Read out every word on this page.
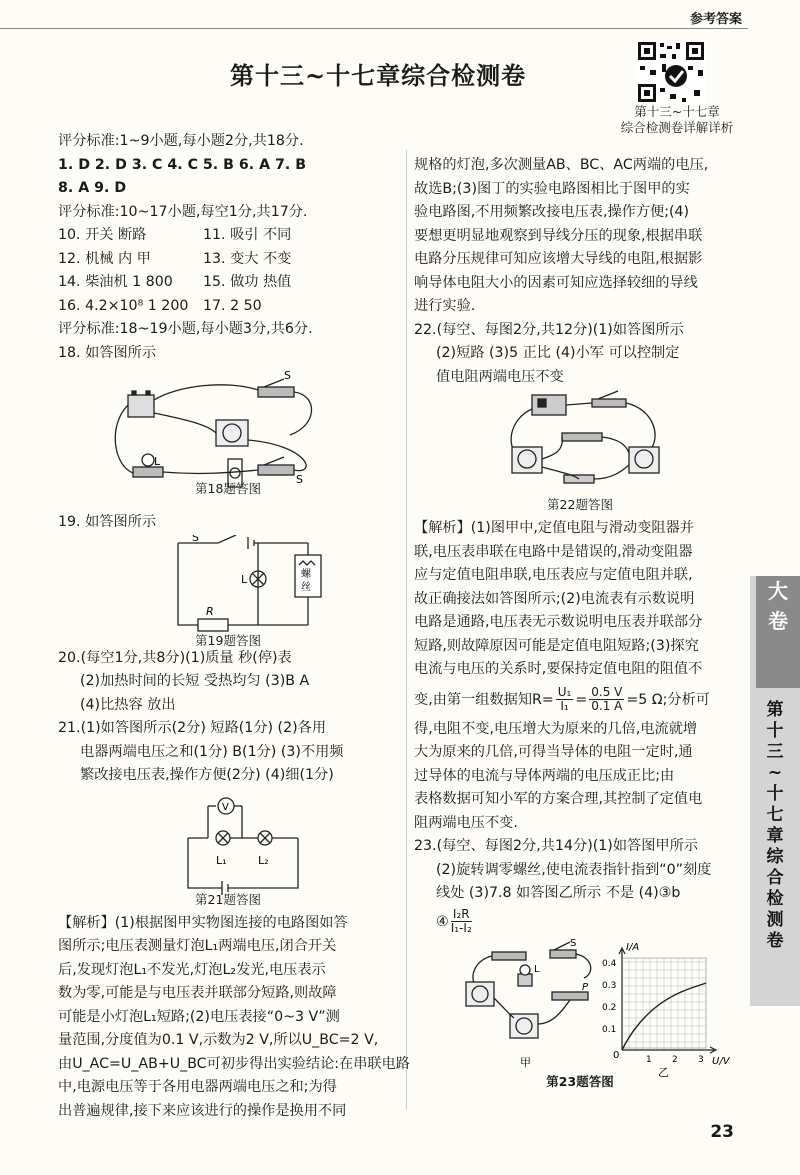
参考答案
第十三~十七章综合检测卷
第十三~十七章
综合检测卷详解详析
评分标准:1~9小题,每小题2分,共18分.
1. D 2. D 3. C 4. C 5. B 6. A 7. B
8. A 9. D
评分标准:10~17小题,每空1分,共17分.
10. 开关 断路	11. 吸引 不同
12. 机械 内 甲	13. 变大 不变
14. 柴油机 1 800 15. 做功 热值
16. 4.2×10⁸ 1 200 17. 2 50
评分标准:18~19小题,每小题3分,共6分.
18. 如答图所示
S
L
S
第18题答图
19. 如答图所示
S
L
R
螺
丝
第19题答图
20.(每空1分,共8分)(1)质量 秒(停)表
(2)加热时间的长短 受热均匀 (3)B A
(4)比热容 放出
21.(1)如答图所示(2分) 短路(1分) (2)各用
电器两端电压之和(1分) B(1分) (3)不用频
繁改接电压表,操作方便(2分) (4)细(1分)
V
L₁	L₂
第21题答图
【解析】(1)根据图甲实物图连接的电路图如答
图所示;电压表测量灯泡L₁两端电压,闭合开关
后,发现灯泡L₁不发光,灯泡L₂发光,电压表示
数为零,可能是与电压表并联部分短路,则故障
可能是小灯泡L₁短路;(2)电压表接“0~3 V”测
量范围,分度值为0.1 V,示数为2 V,所以U_BC=2 V,
由U_AC=U_AB+U_BC可初步得出实验结论:在串联电路
中,电源电压等于各用电器两端电压之和;为得
出普遍规律,接下来应该进行的操作是换用不同
规格的灯泡,多次测量AB、BC、AC两端的电压,
故选B;(3)图丁的实验电路图相比于图甲的实
验电路图,不用频繁改接电压表,操作方便;(4)
要想更明显地观察到导线分压的现象,根据串联
电路分压规律可知应该增大导线的电阻,根据影
响导体电阻大小的因素可知应选择较细的导线
进行实验.
22.(每空、每图2分,共12分)(1)如答图所示
(2)短路 (3)5 正比 (4)小军 可以控制定
值电阻两端电压不变
第22题答图
【解析】(1)图甲中,定值电阻与滑动变阻器并
联,电压表串联在电路中是错误的,滑动变阻器
应与定值电阻串联,电压表应与定值电阻并联,
故正确接法如答图所示;(2)电流表有示数说明
电路是通路,电压表无示数说明电压表并联部分
短路,则故障原因可能是定值电阻短路;(3)探究
电流与电压的关系时,要保持定值电阻的阻值不
变,由第一组数据知$R= \frac{\text{U₁}}{\text{I₁}} = \frac{0.5 V}{0.1 A} =5$ Ω;分析可
得,电阻不变,电压增大为原来的几倍,电流就增
大为原来的几倍,可得当导体的电阻一定时,通
过导体的电流与导体两端的电压成正比;由
表格数据可知小军的方案合理,其控制了定值电
阻两端电压不变.
23.(每空、每图2分,共14分)(1)如答图甲所示
(2)旋转调零螺丝,使电流表指针指到“0”刻度
线处 (3)7.8 如答图乙所示 不是 (4)③b
④ $\frac{\text{I₂R}}{\text{I₁-I₂}}$
0.4
0.3
0.2
0.1
1 2 3
0
I/A
U/V
S
L
P
甲
乙
第23题答图
大
卷
第
十
三
~
十
七
章
综
合
检
测
卷
23
